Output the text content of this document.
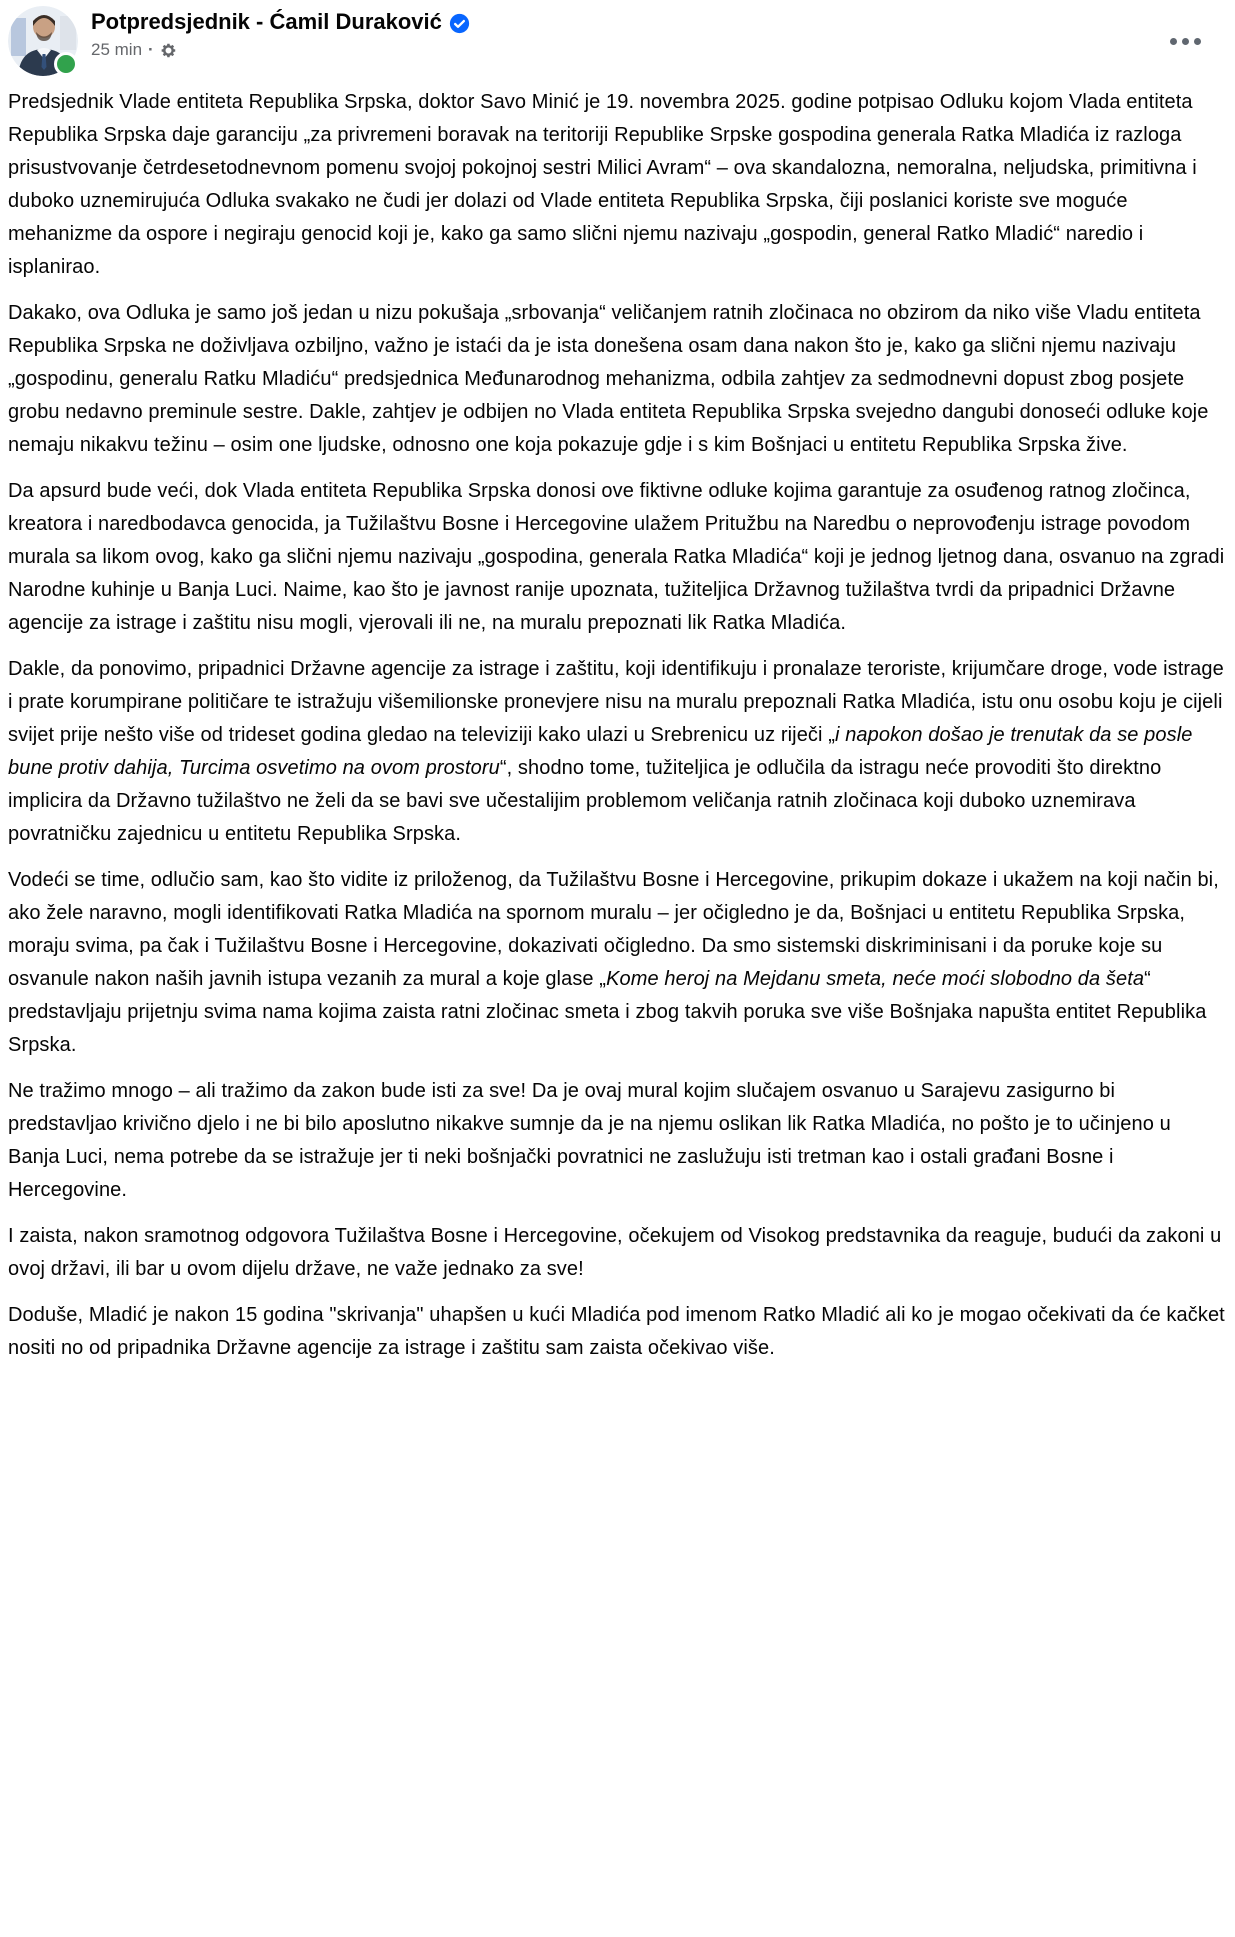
Potpredsjednik - Ćamil Duraković
25 min ·

Predsjednik Vlade entiteta Republika Srpska, doktor Savo Minić je 19. novembra 2025. godine potpisao Odluku kojom Vlada entiteta Republika Srpska daje garanciju „za privremeni boravak na teritoriji Republike Srpske gospodina generala Ratka Mladića iz razloga prisustvovanje četrdesetodnevnom pomenu svojoj pokojnoj sestri Milici Avram“ – ova skandalozna, nemoralna, neljudska, primitivna i duboko uznemirujuća Odluka svakako ne čudi jer dolazi od Vlade entiteta Republika Srpska, čiji poslanici koriste sve moguće mehanizme da ospore i negiraju genocid koji je, kako ga samo slični njemu nazivaju „gospodin, general Ratko Mladić“ naredio i isplanirao.

Dakako, ova Odluka je samo još jedan u nizu pokušaja „srbovanja“ veličanjem ratnih zločinaca no obzirom da niko više Vladu entiteta Republika Srpska ne doživljava ozbiljno, važno je istaći da je ista donešena osam dana nakon što je, kako ga slični njemu nazivaju „gospodinu, generalu Ratku Mladiću“ predsjednica Međunarodnog mehanizma, odbila zahtjev za sedmodnevni dopust zbog posjete grobu nedavno preminule sestre. Dakle, zahtjev je odbijen no Vlada entiteta Republika Srpska svejedno dangubi donoseći odluke koje nemaju nikakvu težinu – osim one ljudske, odnosno one koja pokazuje gdje i s kim Bošnjaci u entitetu Republika Srpska žive.

Da apsurd bude veći, dok Vlada entiteta Republika Srpska donosi ove fiktivne odluke kojima garantuje za osuđenog ratnog zločinca, kreatora i naredbodavca genocida, ja Tužilaštvu Bosne i Hercegovine ulažem Pritužbu na Naredbu o neprovođenju istrage povodom murala sa likom ovog, kako ga slični njemu nazivaju „gospodina, generala Ratka Mladića“ koji je jednog ljetnog dana, osvanuo na zgradi Narodne kuhinje u Banja Luci. Naime, kao što je javnost ranije upoznata, tužiteljica Državnog tužilaštva tvrdi da pripadnici Državne agencije za istrage i zaštitu nisu mogli, vjerovali ili ne, na muralu prepoznati lik Ratka Mladića.

Dakle, da ponovimo, pripadnici Državne agencije za istrage i zaštitu, koji identifikuju i pronalaze teroriste, krijumčare droge, vode istrage i prate korumpirane političare te istražuju višemilionske pronevjere nisu na muralu prepoznali Ratka Mladića, istu onu osobu koju je cijeli svijet prije nešto više od trideset godina gledao na televiziji kako ulazi u Srebrenicu uz riječi „i napokon došao je trenutak da se posle bune protiv dahija, Turcima osvetimo na ovom prostoru“, shodno tome, tužiteljica je odlučila da istragu neće provoditi što direktno implicira da Državno tužilaštvo ne želi da se bavi sve učestalijim problemom veličanja ratnih zločinaca koji duboko uznemirava povratničku zajednicu u entitetu Republika Srpska.

Vodeći se time, odlučio sam, kao što vidite iz priloženog, da Tužilaštvu Bosne i Hercegovine, prikupim dokaze i ukažem na koji način bi, ako žele naravno, mogli identifikovati Ratka Mladića na spornom muralu – jer očigledno je da, Bošnjaci u entitetu Republika Srpska, moraju svima, pa čak i Tužilaštvu Bosne i Hercegovine, dokazivati očigledno. Da smo sistemski diskriminisani i da poruke koje su osvanule nakon naših javnih istupa vezanih za mural a koje glase „Kome heroj na Mejdanu smeta, neće moći slobodno da šeta“ predstavljaju prijetnju svima nama kojima zaista ratni zločinac smeta i zbog takvih poruka sve više Bošnjaka napušta entitet Republika Srpska.

Ne tražimo mnogo – ali tražimo da zakon bude isti za sve! Da je ovaj mural kojim slučajem osvanuo u Sarajevu zasigurno bi predstavljao krivično djelo i ne bi bilo aposlutno nikakve sumnje da je na njemu oslikan lik Ratka Mladića, no pošto je to učinjeno u Banja Luci, nema potrebe da se istražuje jer ti neki bošnjački povratnici ne zaslužuju isti tretman kao i ostali građani Bosne i Hercegovine.

I zaista, nakon sramotnog odgovora Tužilaštva Bosne i Hercegovine, očekujem od Visokog predstavnika da reaguje, budući da zakoni u ovoj državi, ili bar u ovom dijelu države, ne važe jednako za sve!

Doduše, Mladić je nakon 15 godina "skrivanja" uhapšen u kući Mladića pod imenom Ratko Mladić ali ko je mogao očekivati da će kačket nositi no od pripadnika Državne agencije za istrage i zaštitu sam zaista očekivao više.
